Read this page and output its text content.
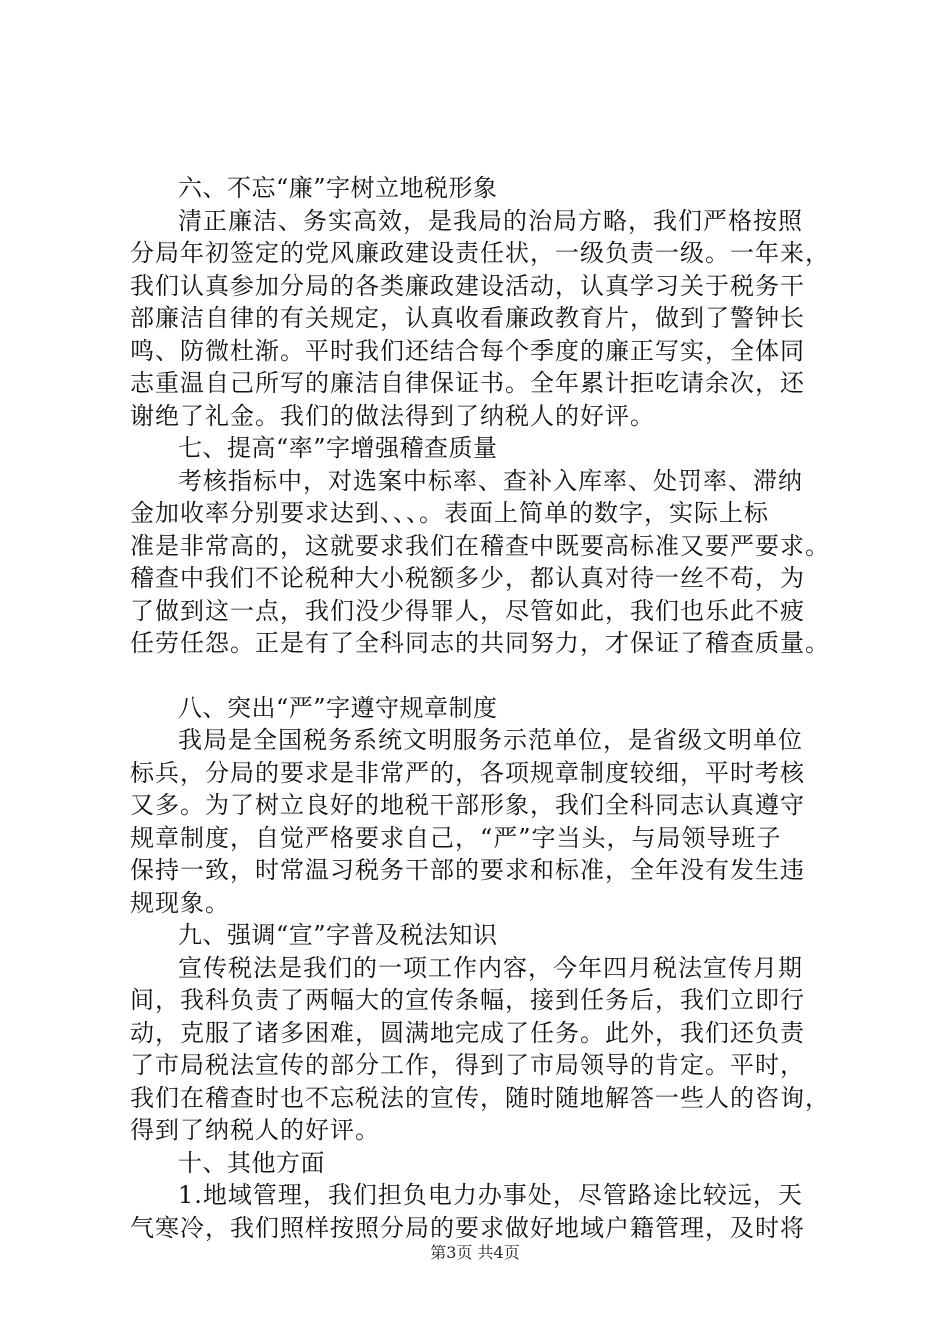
六、不忘“廉”字树立地税形象
清正廉洁、务实高效，是我局的治局方略，我们严格按照
分局年初签定的党风廉政建设责任状，一级负责一级。一年来，
我们认真参加分局的各类廉政建设活动，认真学习关于税务干
部廉洁自律的有关规定，认真收看廉政教育片，做到了警钟长
鸣、防微杜渐。平时我们还结合每个季度的廉正写实，全体同
志重温自己所写的廉洁自律保证书。全年累计拒吃请余次，还
谢绝了礼金。我们的做法得到了纳税人的好评。
七、提高“率”字增强稽查质量
考核指标中，对选案中标率、查补入库率、处罚率、滞纳
金加收率分别要求达到、、、。表面上简单的数字，实际上标
准是非常高的，这就要求我们在稽查中既要高标准又要严要求。
稽查中我们不论税种大小税额多少，都认真对待一丝不苟，为
了做到这一点，我们没少得罪人，尽管如此，我们也乐此不疲
任劳任怨。正是有了全科同志的共同努力，才保证了稽查质量。
八、突出“严”字遵守规章制度
我局是全国税务系统文明服务示范单位，是省级文明单位
标兵，分局的要求是非常严的，各项规章制度较细，平时考核
又多。为了树立良好的地税干部形象，我们全科同志认真遵守
规章制度，自觉严格要求自己，“严”字当头，与局领导班子
保持一致，时常温习税务干部的要求和标准，全年没有发生违
规现象。
九、强调“宣”字普及税法知识
宣传税法是我们的一项工作内容，今年四月税法宣传月期
间，我科负责了两幅大的宣传条幅，接到任务后，我们立即行
动，克服了诸多困难，圆满地完成了任务。此外，我们还负责
了市局税法宣传的部分工作，得到了市局领导的肯定。平时，
我们在稽查时也不忘税法的宣传，随时随地解答一些人的咨询，
得到了纳税人的好评。
十、其他方面
1.地域管理，我们担负电力办事处，尽管路途比较远，天
气寒冷，我们照样按照分局的要求做好地域户籍管理，及时将
第3页 共4页
